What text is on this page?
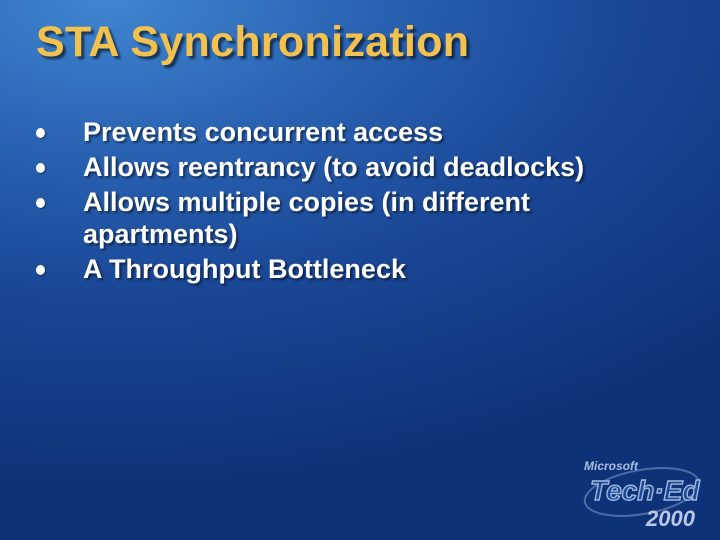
STA Synchronization
Prevents concurrent access
Allows reentrancy (to avoid deadlocks)
Allows multiple copies (in different apartments)
A Throughput Bottleneck
Microsoft
Tech·Ed
2000
